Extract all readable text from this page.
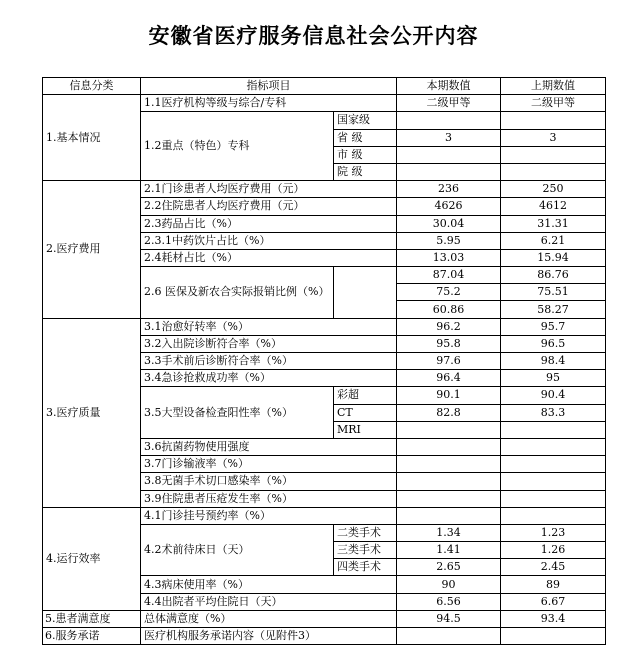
安徽省医疗服务信息社会公开内容
信息分类	指标项目		本期数值	上期数值
1.基本情况	1.1医疗机构等级与综合/专科		二级甲等	二级甲等
	1.2重点（特色）专科	国家级		
		省 级	3	3
		市 级		
		院 级		
2.医疗费用	2.1门诊患者人均医疗费用（元）		236	250
	2.2住院患者人均医疗费用（元）		4626	4612
	2.3药品占比（%）		30.04	31.31
	2.3.1中药饮片占比（%）		5.95	6.21
	2.4耗材占比（%）		13.03	15.94
	2.6 医保及新农合实际报销比例（%）		87.04	86.76
			75.2	75.51
			60.86	58.27
3.医疗质量	3.1治愈好转率（%）		96.2	95.7
	3.2入出院诊断符合率（%）		95.8	96.5
	3.3手术前后诊断符合率（%）		97.6	98.4
	3.4急诊抢救成功率（%）		96.4	95
	3.5大型设备检查阳性率（%）	彩超	90.1	90.4
		CT	82.8	83.3
		MRI		
	3.6抗菌药物使用强度			
	3.7门诊输液率（%）			
	3.8无菌手术切口感染率（%）			
	3.9住院患者压疮发生率（%）			
4.运行效率	4.1门诊挂号预约率（%）			
	4.2术前待床日（天）	二类手术	1.34	1.23
		三类手术	1.41	1.26
		四类手术	2.65	2.45
	4.3病床使用率（%）		90	89
	4.4出院者平均住院日（天）		6.56	6.67
5.患者满意度	总体满意度（%）		94.5	93.4
6.服务承诺	医疗机构服务承诺内容（见附件3）			
